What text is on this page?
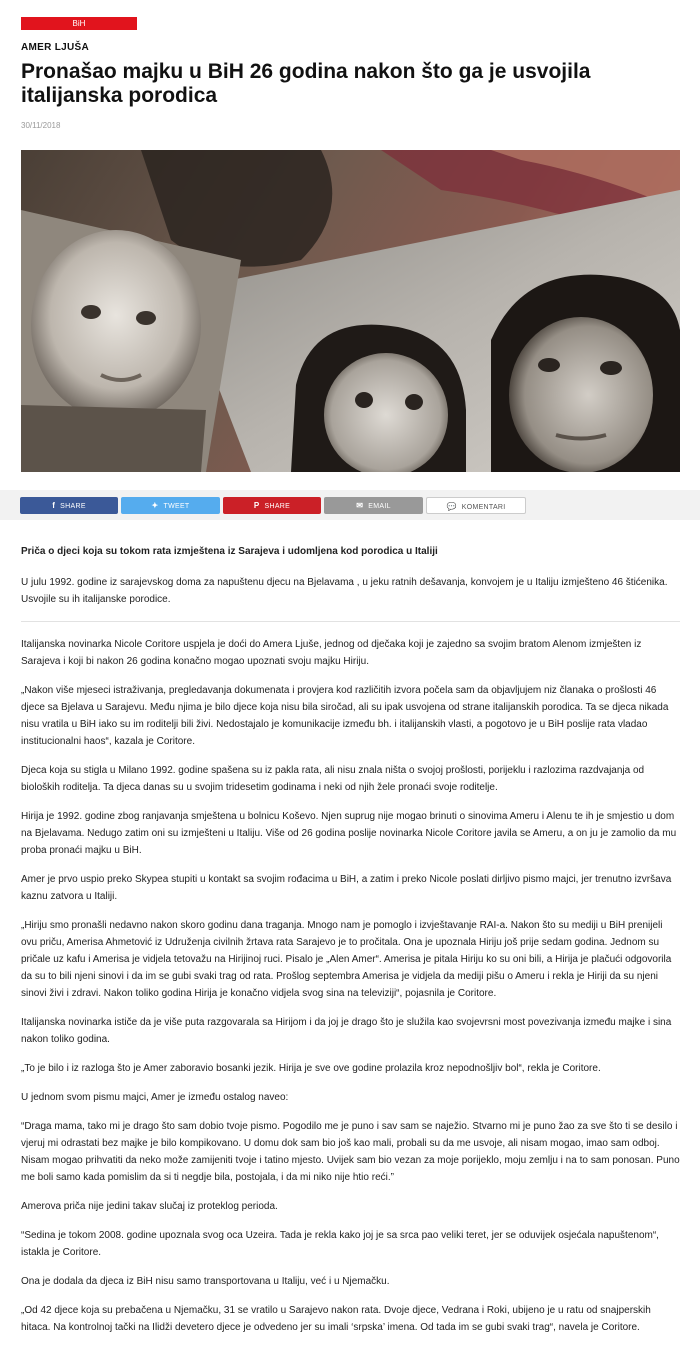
BiH
AMER LJUŠA
Pronašao majku u BiH 26 godina nakon što ga je usvojila italijanska porodica
30/11/2018
f SHARE	✦ TWEET	P SHARE	✉ EMAIL	💬 KOMENTARI

Priča o djeci koja su tokom rata izmještena iz Sarajeva i udomljena kod porodica u Italiji

U julu 1992. godine iz sarajevskog doma za napuštenu djecu na Bjelavama , u jeku ratnih dešavanja, konvojem je u Italiju izmješteno 46 štićenika. Usvojile su ih italijanske porodice.

Italijanska novinarka Nicole Coritore uspjela je doći do Amera Ljuše, jednog od dječaka koji je zajedno sa svojim bratom Alenom izmješten iz Sarajeva i koji bi nakon 26 godina konačno mogao upoznati svoju majku Hiriju.

„Nakon više mjeseci istraživanja, pregledavanja dokumenata i provjera kod različitih izvora počela sam da objavljujem niz članaka o prošlosti 46 djece sa Bjelava u Sarajevu. Među njima je bilo djece koja nisu bila siročad, ali su ipak usvojena od strane italijanskih porodica. Ta se djeca nikada nisu vratila u BiH iako su im roditelji bili živi. Nedostajalo je komunikacije između bh. i italijanskih vlasti, a pogotovo je u BiH poslije rata vladao institucionalni haos“, kazala je Coritore.

Djeca koja su stigla u Milano 1992. godine spašena su iz pakla rata, ali nisu znala ništa o svojoj prošlosti, porijeklu i razlozima razdvajanja od bioloških roditelja. Ta djeca danas su u svojim tridesetim godinama i neki od njih žele pronaći svoje roditelje.

Hirija je 1992. godine zbog ranjavanja smještena u bolnicu Koševo. Njen suprug nije mogao brinuti o sinovima Ameru i Alenu te ih je smjestio u dom na Bjelavama. Nedugo zatim oni su izmješteni u Italiju. Više od 26 godina poslije novinarka Nicole Coritore javila se Ameru, a on ju je zamolio da mu proba pronaći majku u BiH.

Amer je prvo uspio preko Skypea stupiti u kontakt sa svojim rođacima u BiH, a zatim i preko Nicole poslati dirljivo pismo majci, jer trenutno izvršava kaznu zatvora u Italiji.

„Hiriju smo pronašli nedavno nakon skoro godinu dana traganja. Mnogo nam je pomoglo i izvještavanje RAI-a. Nakon što su mediji u BiH prenijeli ovu priču, Amerisa Ahmetović iz Udruženja civilnih žrtava rata Sarajevo je to pročitala. Ona je upoznala Hiriju još prije sedam godina. Jednom su pričale uz kafu i Amerisa je vidjela tetovažu na Hirijinoj ruci. Pisalo je „Alen Amer“. Amerisa je pitala Hiriju ko su oni bili, a Hirija je plačući odgovorila da su to bili njeni sinovi i da im se gubi svaki trag od rata. Prošlog septembra Amerisa je vidjela da mediji pišu o Ameru i rekla je Hiriji da su njeni sinovi živi i zdravi. Nakon toliko godina Hirija je konačno vidjela svog sina na televiziji“, pojasnila je Coritore.

Italijanska novinarka ističe da je više puta razgovarala sa Hirijom i da joj je drago što je služila kao svojevrsni most povezivanja između majke i sina nakon toliko godina.

„To je bilo i iz razloga što je Amer zaboravio bosanki jezik. Hirija je sve ove godine prolazila kroz nepodnošljiv bol“, rekla je Coritore.

U jednom svom pismu majci, Amer je između ostalog naveo:

“Draga mama, tako mi je drago što sam dobio tvoje pismo. Pogodilo me je puno i sav sam se naježio. Stvarno mi je puno žao za sve što ti se desilo i vjeruj mi odrastati bez majke je bilo kompikovano. U domu dok sam bio još kao mali, probali su da me usvoje, ali nisam mogao, imao sam odboj. Nisam mogao prihvatiti da neko može zamijeniti tvoje i tatino mjesto. Uvijek sam bio vezan za moje porijeklo, moju zemlju i na to sam ponosan. Puno me boli samo kada pomislim da si ti negdje bila, postojala, i da mi niko nije htio reći.”

Amerova priča nije jedini takav slučaj iz proteklog perioda.

“Sedina je tokom 2008. godine upoznala svog oca Uzeira. Tada je rekla kako joj je sa srca pao veliki teret, jer se oduvijek osjećala napuštenom“, istakla je Coritore.

Ona je dodala da djeca iz BiH nisu samo transportovana u Italiju, već i u Njemačku.

„Od 42 djece koja su prebačena u Njemačku, 31 se vratilo u Sarajevo nakon rata. Dvoje djece, Vedrana i Roki, ubijeno je u ratu od snajperskih hitaca. Na kontrolnoj tački na Ilidži devetero djece je odvedeno jer su imali ‘srpska’ imena. Od tada im se gubi svaki trag“, navela je Coritore.
